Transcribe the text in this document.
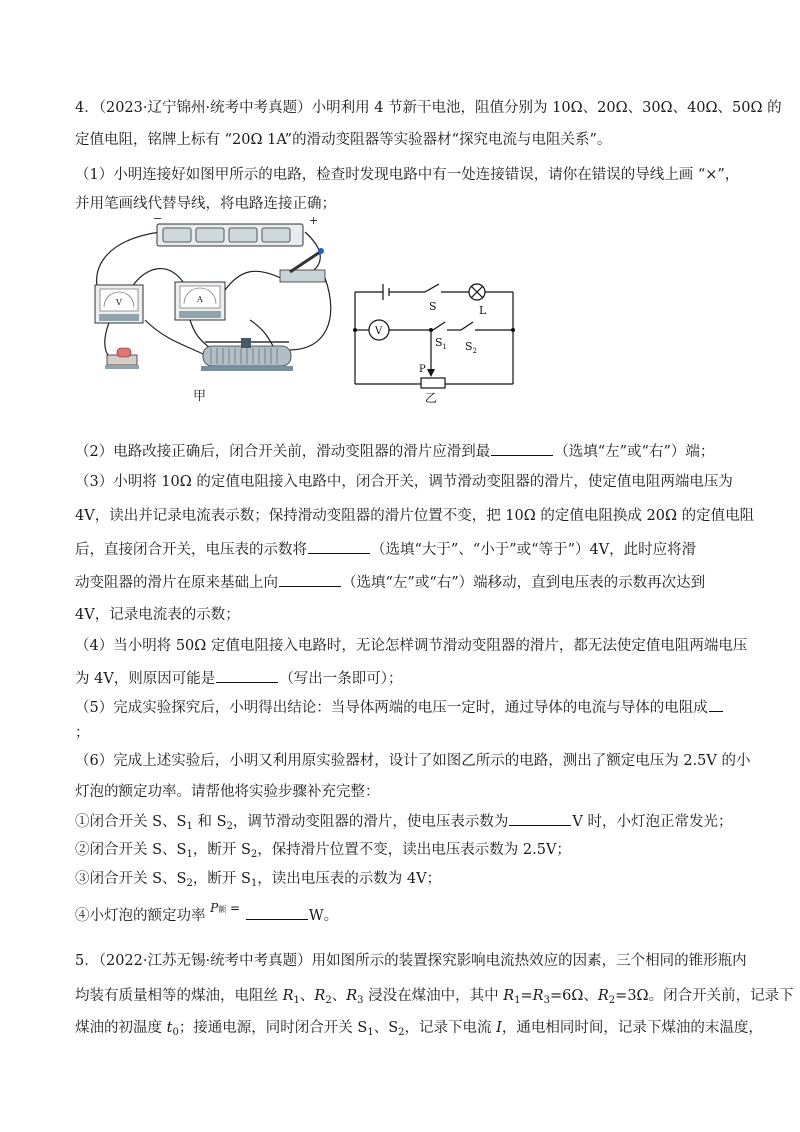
4．（2023·辽宁锦州·统考中考真题）小明利用 4 节新干电池，阻值分别为 10Ω、20Ω、30Ω、40Ω、50Ω 的
定值电阻，铭牌上标有 “20Ω 1A”的滑动变阻器等实验器材“探究电流与电阻关系”。
（1）小明连接好如图甲所示的电路，检查时发现电路中有一处连接错误，请你在错误的导线上画 “×”，
并用笔画线代替导线，将电路连接正确；
−	+
V	A
甲
S	L
V
$S_1$ $S_2$
P
乙
（2）电路改接正确后，闭合开关前，滑动变阻器的滑片应滑到最	（选填“左”或“右”）端；
（3）小明将 10Ω 的定值电阻接入电路中，闭合开关，调节滑动变阻器的滑片，使定值电阻两端电压为
4V，读出并记录电流表示数；保持滑动变阻器的滑片位置不变，把 10Ω 的定值电阻换成 20Ω 的定值电阻
后，直接闭合开关，电压表的示数将	（选填“大于”、“小于”或“等于”）4V，此时应将滑
动变阻器的滑片在原来基础上向	（选填“左”或“右”）端移动，直到电压表的示数再次达到
4V，记录电流表的示数；
（4）当小明将 50Ω 定值电阻接入电路时，无论怎样调节滑动变阻器的滑片，都无法使定值电阻两端电压
为 4V，则原因可能是	（写出一条即可）；
（5）完成实验探究后，小明得出结论：当导体两端的电压一定时，通过导体的电流与导体的电阻成
；
（6）完成上述实验后，小明又利用原实验器材，设计了如图乙所示的电路，测出了额定电压为 2.5V 的小
灯泡的额定功率。请帮他将实验步骤补充完整：
①闭合开关 S、$S_1$ 和 $S_2$，调节滑动变阻器的滑片，使电压表示数为	V 时，小灯泡正常发光；
②闭合开关 S、$S_1$，断开 $S_2$，保持滑片位置不变，读出电压表示数为 2.5V；
③闭合开关 S、$S_2$，断开 $S_1$，读出电压表的示数为 4V；
④小灯泡的额定功率 P额 =	W。
5．（2022·江苏无锡·统考中考真题）用如图所示的装置探究影响电流热效应的因素，三个相同的锥形瓶内
均装有质量相等的煤油，电阻丝 $R_1$、$R_2$、$R_3$ 浸没在煤油中，其中 $R_1=R_3=6\Omega$、$R_2=3\Omega$。闭合开关前，记录下
煤油的初温度 $t_0$；接通电源，同时闭合开关 $S_1$、$S_2$，记录下电流 I，通电相同时间，记录下煤油的末温度，
